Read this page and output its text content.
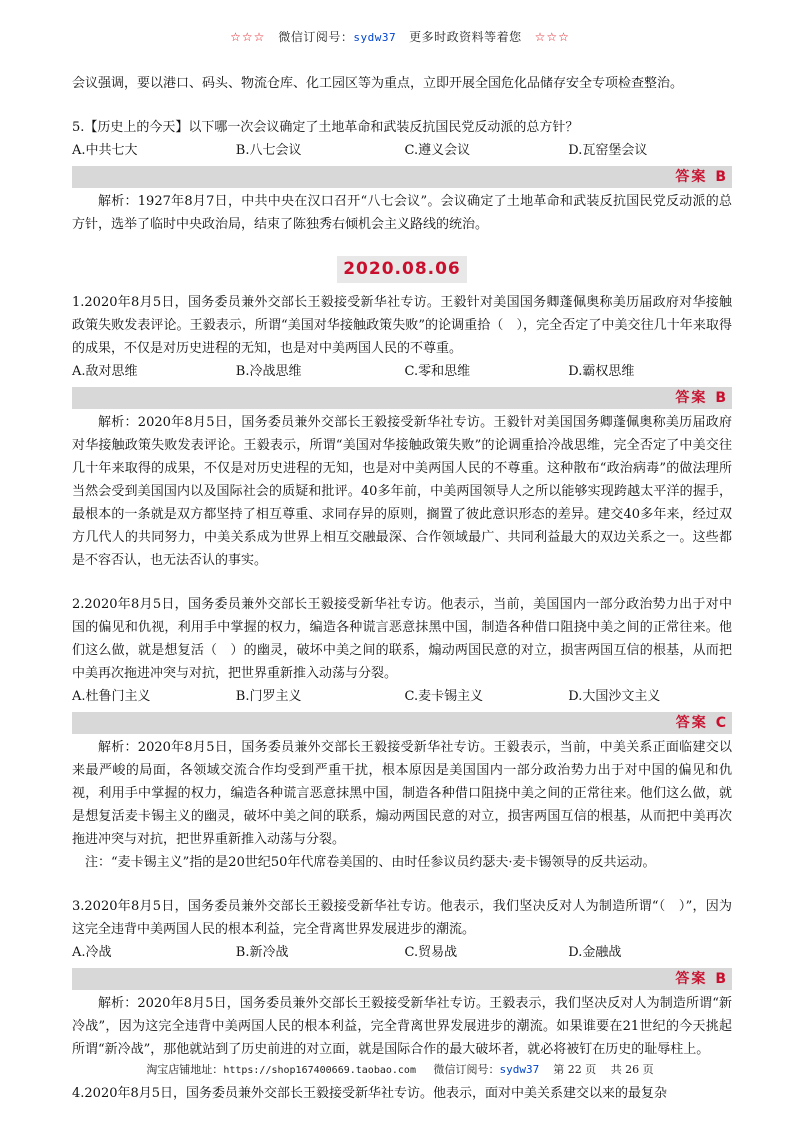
☆☆☆ 微信订阅号：sydw37 更多时政资料等着您 ☆☆☆

会议强调，要以港口、码头、物流仓库、化工园区等为重点，立即开展全国危化品储存安全专项检查整治。

5.【历史上的今天】以下哪一次会议确定了土地革命和武装反抗国民党反动派的总方针？

A.中共七大	B.八七会议	C.遵义会议	D.瓦窑堡会议
答案 B

解析：1927年8月7日，中共中央在汉口召开“八七会议”。会议确定了土地革命和武装反抗国民党反动派的总方针，选举了临时中央政治局，结束了陈独秀右倾机会主义路线的统治。

2020.08.06

1.2020年8月5日，国务委员兼外交部长王毅接受新华社专访。王毅针对美国国务卿蓬佩奥称美历届政府对华接触政策失败发表评论。王毅表示，所谓“美国对华接触政策失败”的论调重拾（　），完全否定了中美交往几十年来取得的成果，不仅是对历史进程的无知，也是对中美两国人民的不尊重。

A.敌对思维	B.冷战思维	C.零和思维	D.霸权思维
答案 B

解析：2020年8月5日，国务委员兼外交部长王毅接受新华社专访。王毅针对美国国务卿蓬佩奥称美历届政府对华接触政策失败发表评论。王毅表示，所谓“美国对华接触政策失败”的论调重拾冷战思维，完全否定了中美交往几十年来取得的成果，不仅是对历史进程的无知，也是对中美两国人民的不尊重。这种散布“政治病毒”的做法理所当然会受到美国国内以及国际社会的质疑和批评。40多年前，中美两国领导人之所以能够实现跨越太平洋的握手，最根本的一条就是双方都坚持了相互尊重、求同存异的原则，搁置了彼此意识形态的差异。建交40多年来，经过双方几代人的共同努力，中美关系成为世界上相互交融最深、合作领域最广、共同利益最大的双边关系之一。这些都是不容否认，也无法否认的事实。

2.2020年8月5日，国务委员兼外交部长王毅接受新华社专访。他表示，当前，美国国内一部分政治势力出于对中国的偏见和仇视，利用手中掌握的权力，编造各种谎言恶意抹黑中国，制造各种借口阻挠中美之间的正常往来。他们这么做，就是想复活（　）的幽灵，破坏中美之间的联系，煽动两国民意的对立，损害两国互信的根基，从而把中美再次拖进冲突与对抗，把世界重新推入动荡与分裂。

A.杜鲁门主义	B.门罗主义	C.麦卡锡主义	D.大国沙文主义
答案 C

解析：2020年8月5日，国务委员兼外交部长王毅接受新华社专访。王毅表示，当前，中美关系正面临建交以来最严峻的局面，各领域交流合作均受到严重干扰，根本原因是美国国内一部分政治势力出于对中国的偏见和仇视，利用手中掌握的权力，编造各种谎言恶意抹黑中国，制造各种借口阻挠中美之间的正常往来。他们这么做，就是想复活麦卡锡主义的幽灵，破坏中美之间的联系，煽动两国民意的对立，损害两国互信的根基，从而把中美再次拖进冲突与对抗，把世界重新推入动荡与分裂。

注：“麦卡锡主义”指的是20世纪50年代席卷美国的、由时任参议员约瑟夫·麦卡锡领导的反共运动。

3.2020年8月5日，国务委员兼外交部长王毅接受新华社专访。他表示，我们坚决反对人为制造所谓“（　）”，因为这完全违背中美两国人民的根本利益，完全背离世界发展进步的潮流。

A.冷战	B.新冷战	C.贸易战	D.金融战
答案 B

解析：2020年8月5日，国务委员兼外交部长王毅接受新华社专访。王毅表示，我们坚决反对人为制造所谓“新冷战”，因为这完全违背中美两国人民的根本利益，完全背离世界发展进步的潮流。如果谁要在21世纪的今天挑起所谓“新冷战”，那他就站到了历史前进的对立面，就是国际合作的最大破坏者，就必将被钉在历史的耻辱柱上。

4.2020年8月5日，国务委员兼外交部长王毅接受新华社专访。他表示，面对中美关系建交以来的最复杂

淘宝店铺地址：https://shop167400669.taobao.com 微信订阅号：sydw37 第 22 页　 共 26 页
